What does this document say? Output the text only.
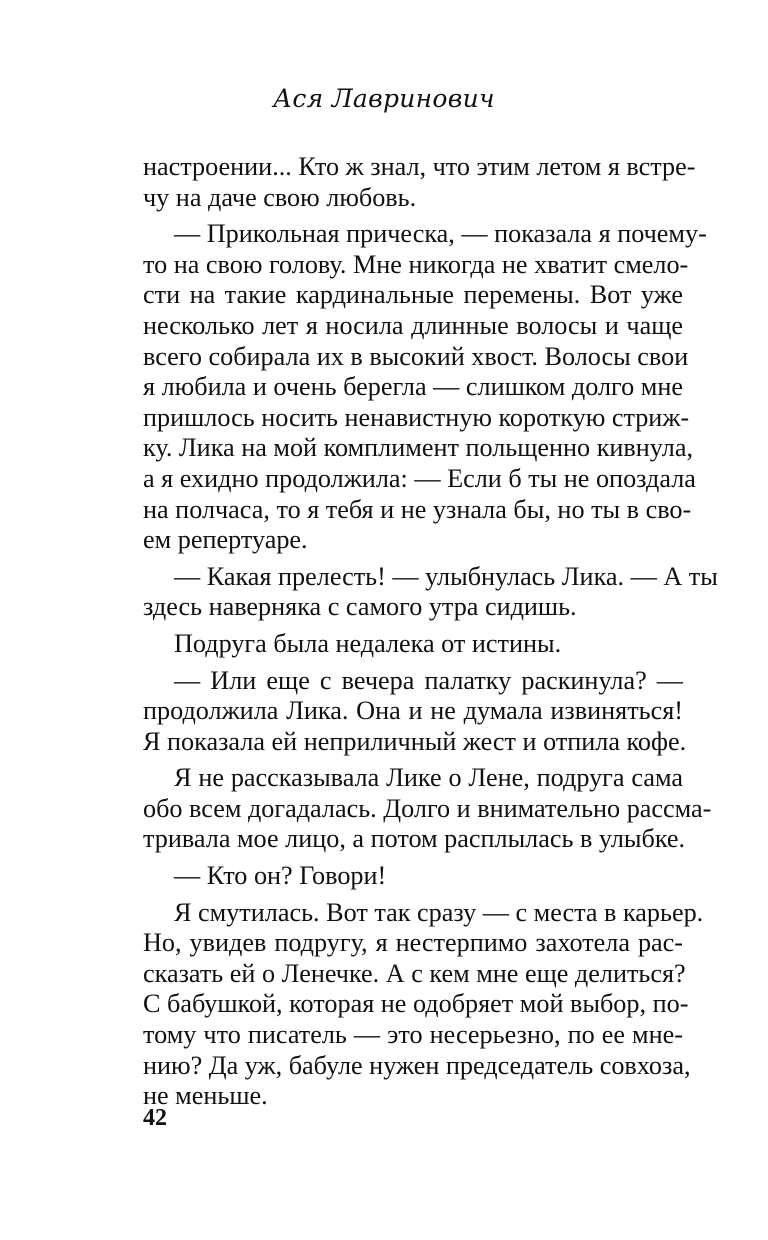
Ася Лавринович
настроении... Кто ж знал, что этим летом я встре-
чу на даче свою любовь.
— Прикольная прическа, — показала я почему-
то на свою голову. Мне никогда не хватит смело-
сти на такие кардинальные перемены. Вот уже
несколько лет я носила длинные волосы и чаще
всего собирала их в высокий хвост. Волосы свои
я любила и очень берегла — слишком долго мне
пришлось носить ненавистную короткую стриж-
ку. Лика на мой комплимент польщенно кивнула,
а я ехидно продолжила: — Если б ты не опоздала
на полчаса, то я тебя и не узнала бы, но ты в сво-
ем репертуаре.
— Какая прелесть! — улыбнулась Лика. — А ты
здесь наверняка с самого утра сидишь.
Подруга была недалека от истины.
— Или еще с вечера палатку раскинула? —
продолжила Лика. Она и не думала извиняться!
Я показала ей неприличный жест и отпила кофе.
Я не рассказывала Лике о Лене, подруга сама
обо всем догадалась. Долго и внимательно рассма-
тривала мое лицо, а потом расплылась в улыбке.
— Кто он? Говори!
Я смутилась. Вот так сразу — с места в карьер.
Но, увидев подругу, я нестерпимо захотела рас-
сказать ей о Ленечке. А с кем мне еще делиться?
С бабушкой, которая не одобряет мой выбор, по-
тому что писатель — это несерьезно, по ее мне-
нию? Да уж, бабуле нужен председатель совхоза,
не меньше.
42
